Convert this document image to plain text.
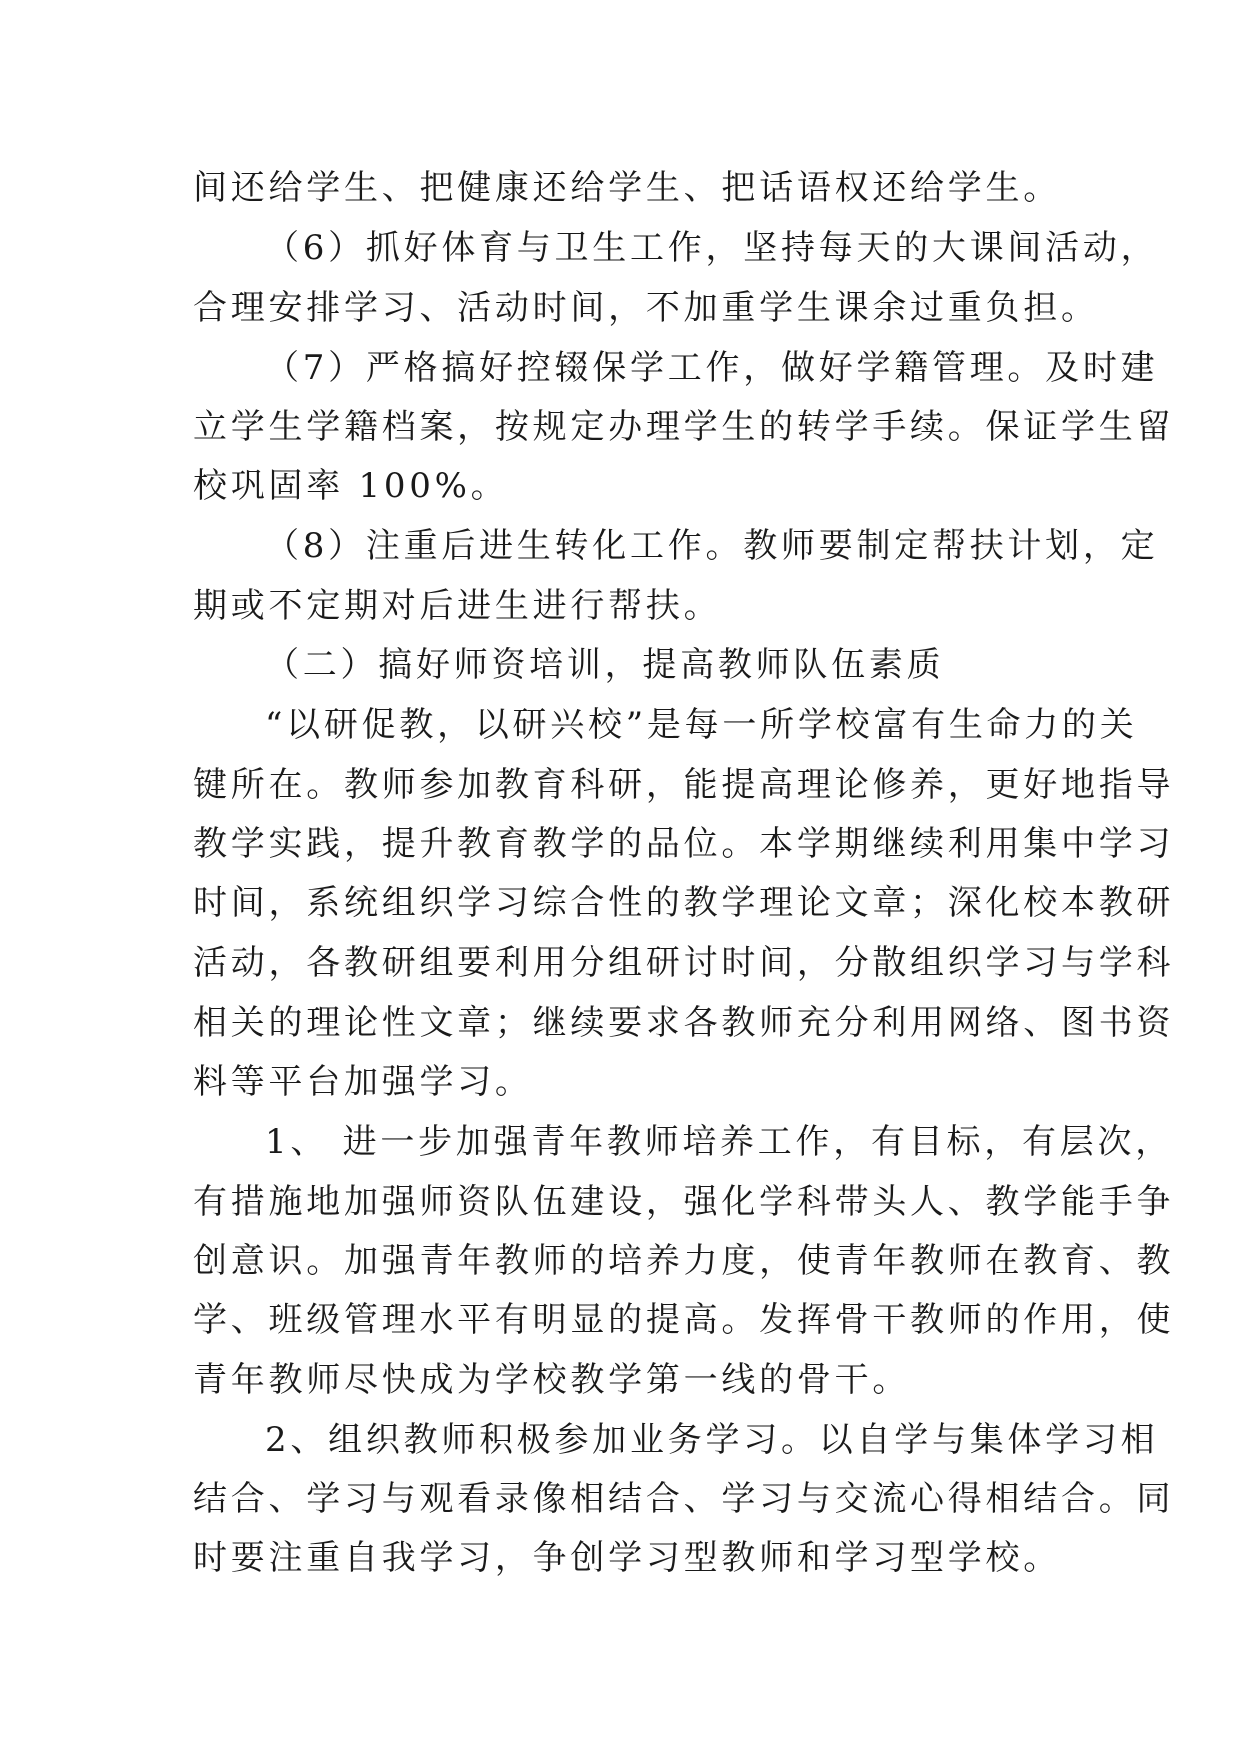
间还给学生、把健康还给学生、把话语权还给学生。
（6）抓好体育与卫生工作，坚持每天的大课间活动，
合理安排学习、活动时间，不加重学生课余过重负担。
（7）严格搞好控辍保学工作，做好学籍管理。及时建
立学生学籍档案，按规定办理学生的转学手续。保证学生留
校巩固率 100%。
（8）注重后进生转化工作。教师要制定帮扶计划，定
期或不定期对后进生进行帮扶。
（二）搞好师资培训，提高教师队伍素质
“以研促教，以研兴校”是每一所学校富有生命力的关
键所在。教师参加教育科研，能提高理论修养，更好地指导
教学实践，提升教育教学的品位。本学期继续利用集中学习
时间，系统组织学习综合性的教学理论文章；深化校本教研
活动，各教研组要利用分组研讨时间，分散组织学习与学科
相关的理论性文章；继续要求各教师充分利用网络、图书资
料等平台加强学习。
1、 进一步加强青年教师培养工作，有目标，有层次，
有措施地加强师资队伍建设，强化学科带头人、教学能手争
创意识。加强青年教师的培养力度，使青年教师在教育、教
学、班级管理水平有明显的提高。发挥骨干教师的作用，使
青年教师尽快成为学校教学第一线的骨干。
2、组织教师积极参加业务学习。以自学与集体学习相
结合、学习与观看录像相结合、学习与交流心得相结合。同
时要注重自我学习，争创学习型教师和学习型学校。
